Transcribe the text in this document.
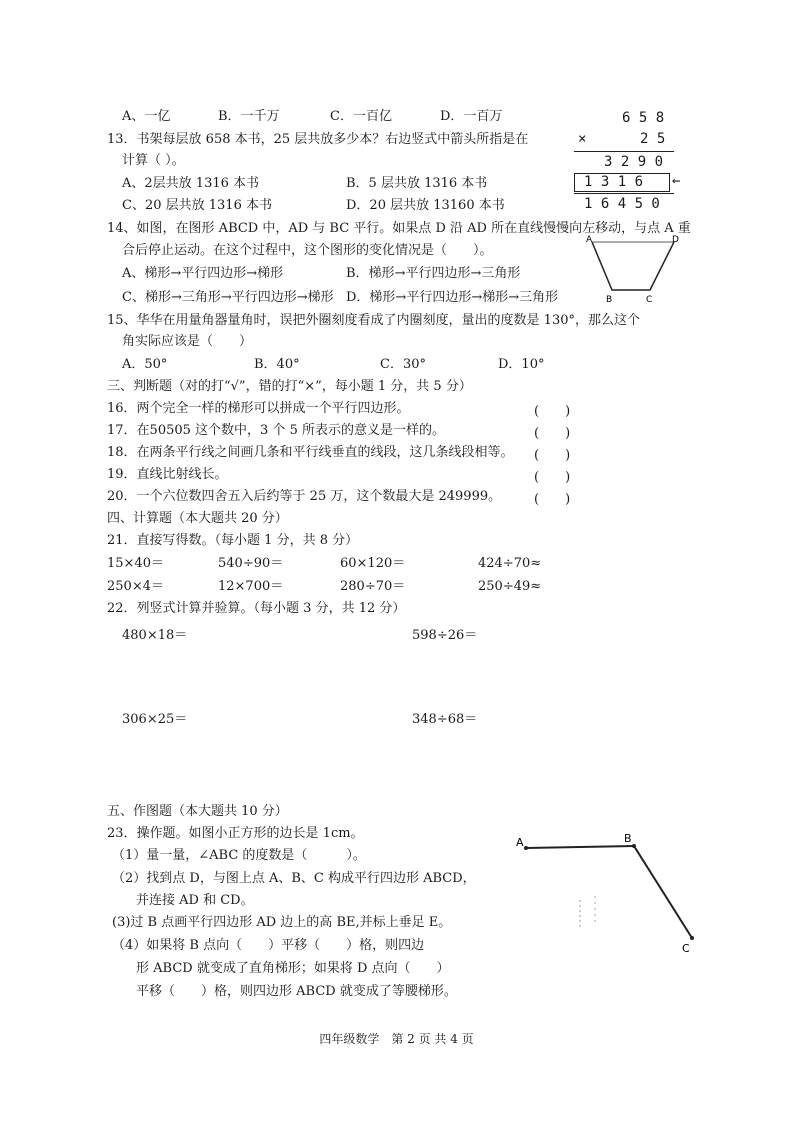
A、一亿	B．一千万	C．一百亿	D．一百万
13．书架每层放 658 本书，25 层共放多少本？右边竖式中箭头所指是在
计算（ ）。
A、2层共放 1316 本书	B．5 层共放 1316 本书
C、20 层共放 1316 本书	D．20 层共放 13160 本书
6 5 8
×	2 5
3 2 9 0
1 3 1 6 ←
1 6 4 5 0
14、如图，在图形 ABCD 中，AD 与 BC 平行。如果点 D 沿 AD 所在直线慢慢向左移动，与点 A 重
合后停止运动。在这个过程中，这个图形的变化情况是（　　）。
A、梯形→平行四边形→梯形	B．梯形→平行四边形→三角形
C、梯形→三角形→平行四边形→梯形 D．梯形→平行四边形→梯形→三角形
A	D
B	C
15、华华在用量角器量角时，误把外圈刻度看成了内圈刻度，量出的度数是 130°，那么这个
角实际应该是（　　）
A．50°	B．40°	C．30°	D．10°
三、判断题（对的打“√”，错的打“×”，每小题 1 分，共 5 分）
16．两个完全一样的梯形可以拼成一个平行四边形。	(　　)
17．在50505 这个数中，3 个 5 所表示的意义是一样的。	(　　)
18．在两条平行线之间画几条和平行线垂直的线段，这几条线段相等。 (　　)
19．直线比射线长。	(　　)
20．一个六位数四舍五入后约等于 25 万，这个数最大是 249999。	(　　)
四、计算题（本大题共 20 分）
21．直接写得数。（每小题 1 分，共 8 分）
15×40＝	540÷90＝	60×120＝	424÷70≈
250×4＝	12×700＝	280÷70＝	250÷49≈
22．列竖式计算并验算。（每小题 3 分，共 12 分）
480×18＝	598÷26＝
306×25＝	348÷68＝
五、作图题（本大题共 10 分）
23．操作题。如图小正方形的边长是 1cm。
（1）量一量，∠ABC 的度数是（　　　）。
（2）找到点 D，与图上点 A、B、C 构成平行四边形 ABCD，
并连接 AD 和 CD。
(3)过 B 点画平行四边形 AD 边上的高 BE,并标上垂足 E。
（4）如果将 B 点向（　　）平移（　　）格，则四边
形 ABCD 就变成了直角梯形；如果将 D 点向（　　）
平移（　　）格，则四边形 ABCD 就变成了等腰梯形。
A	B
C
四年级数学　第 2 页 共 4 页
